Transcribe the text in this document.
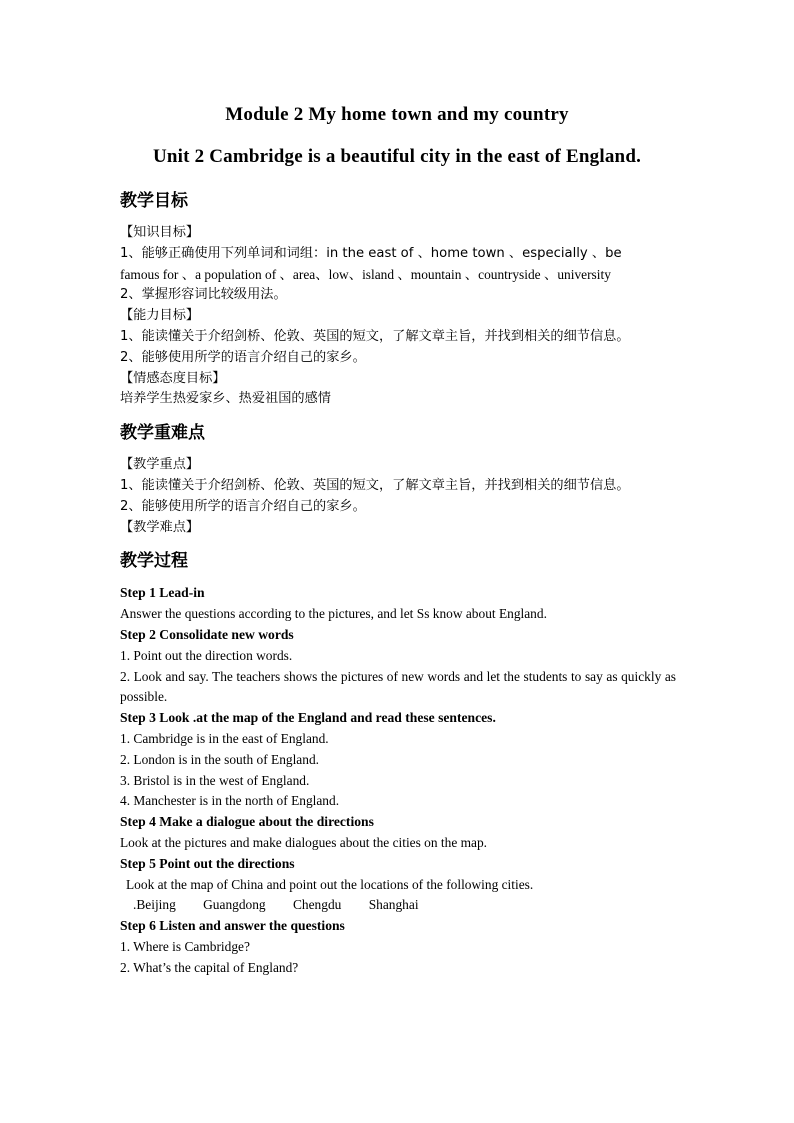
Module 2 My home town and my country
Unit 2 Cambridge is a beautiful city in the east of England.
教学目标
【知识目标】
1、能够正确使用下列单词和词组：in the east of 、home town 、especially 、be
famous for 、a population of 、area、low、island 、mountain 、countryside 、university
2、掌握形容词比较级用法。
【能力目标】
1、能读懂关于介绍剑桥、伦敦、英国的短文，了解文章主旨，并找到相关的细节信息。
2、能够使用所学的语言介绍自己的家乡。
【情感态度目标】
培养学生热爱家乡、热爱祖国的感情
教学重难点
【教学重点】
1、能读懂关于介绍剑桥、伦敦、英国的短文，了解文章主旨，并找到相关的细节信息。
2、能够使用所学的语言介绍自己的家乡。
【教学难点】
教学过程
Step 1 Lead-in
Answer the questions according to the pictures, and let Ss know about England.
Step 2 Consolidate new words
1. Point out the direction words.
2. Look and say. The teachers shows the pictures of new words and let the students to say as quickly as possible.
Step 3 Look .at the map of the England and read these sentences.
1. Cambridge is in the east of England.
2. London is in the south of England.
3. Bristol is in the west of England.
4. Manchester is in the north of England.
Step 4 Make a dialogue about the directions
Look at the pictures and make dialogues about the cities on the map.
Step 5 Point out the directions
Look at the map of China and point out the locations of the following cities.
.Beijing Guangdong Chengdu Shanghai
Step 6 Listen and answer the questions
1. Where is Cambridge?
2. What’s the capital of England?
